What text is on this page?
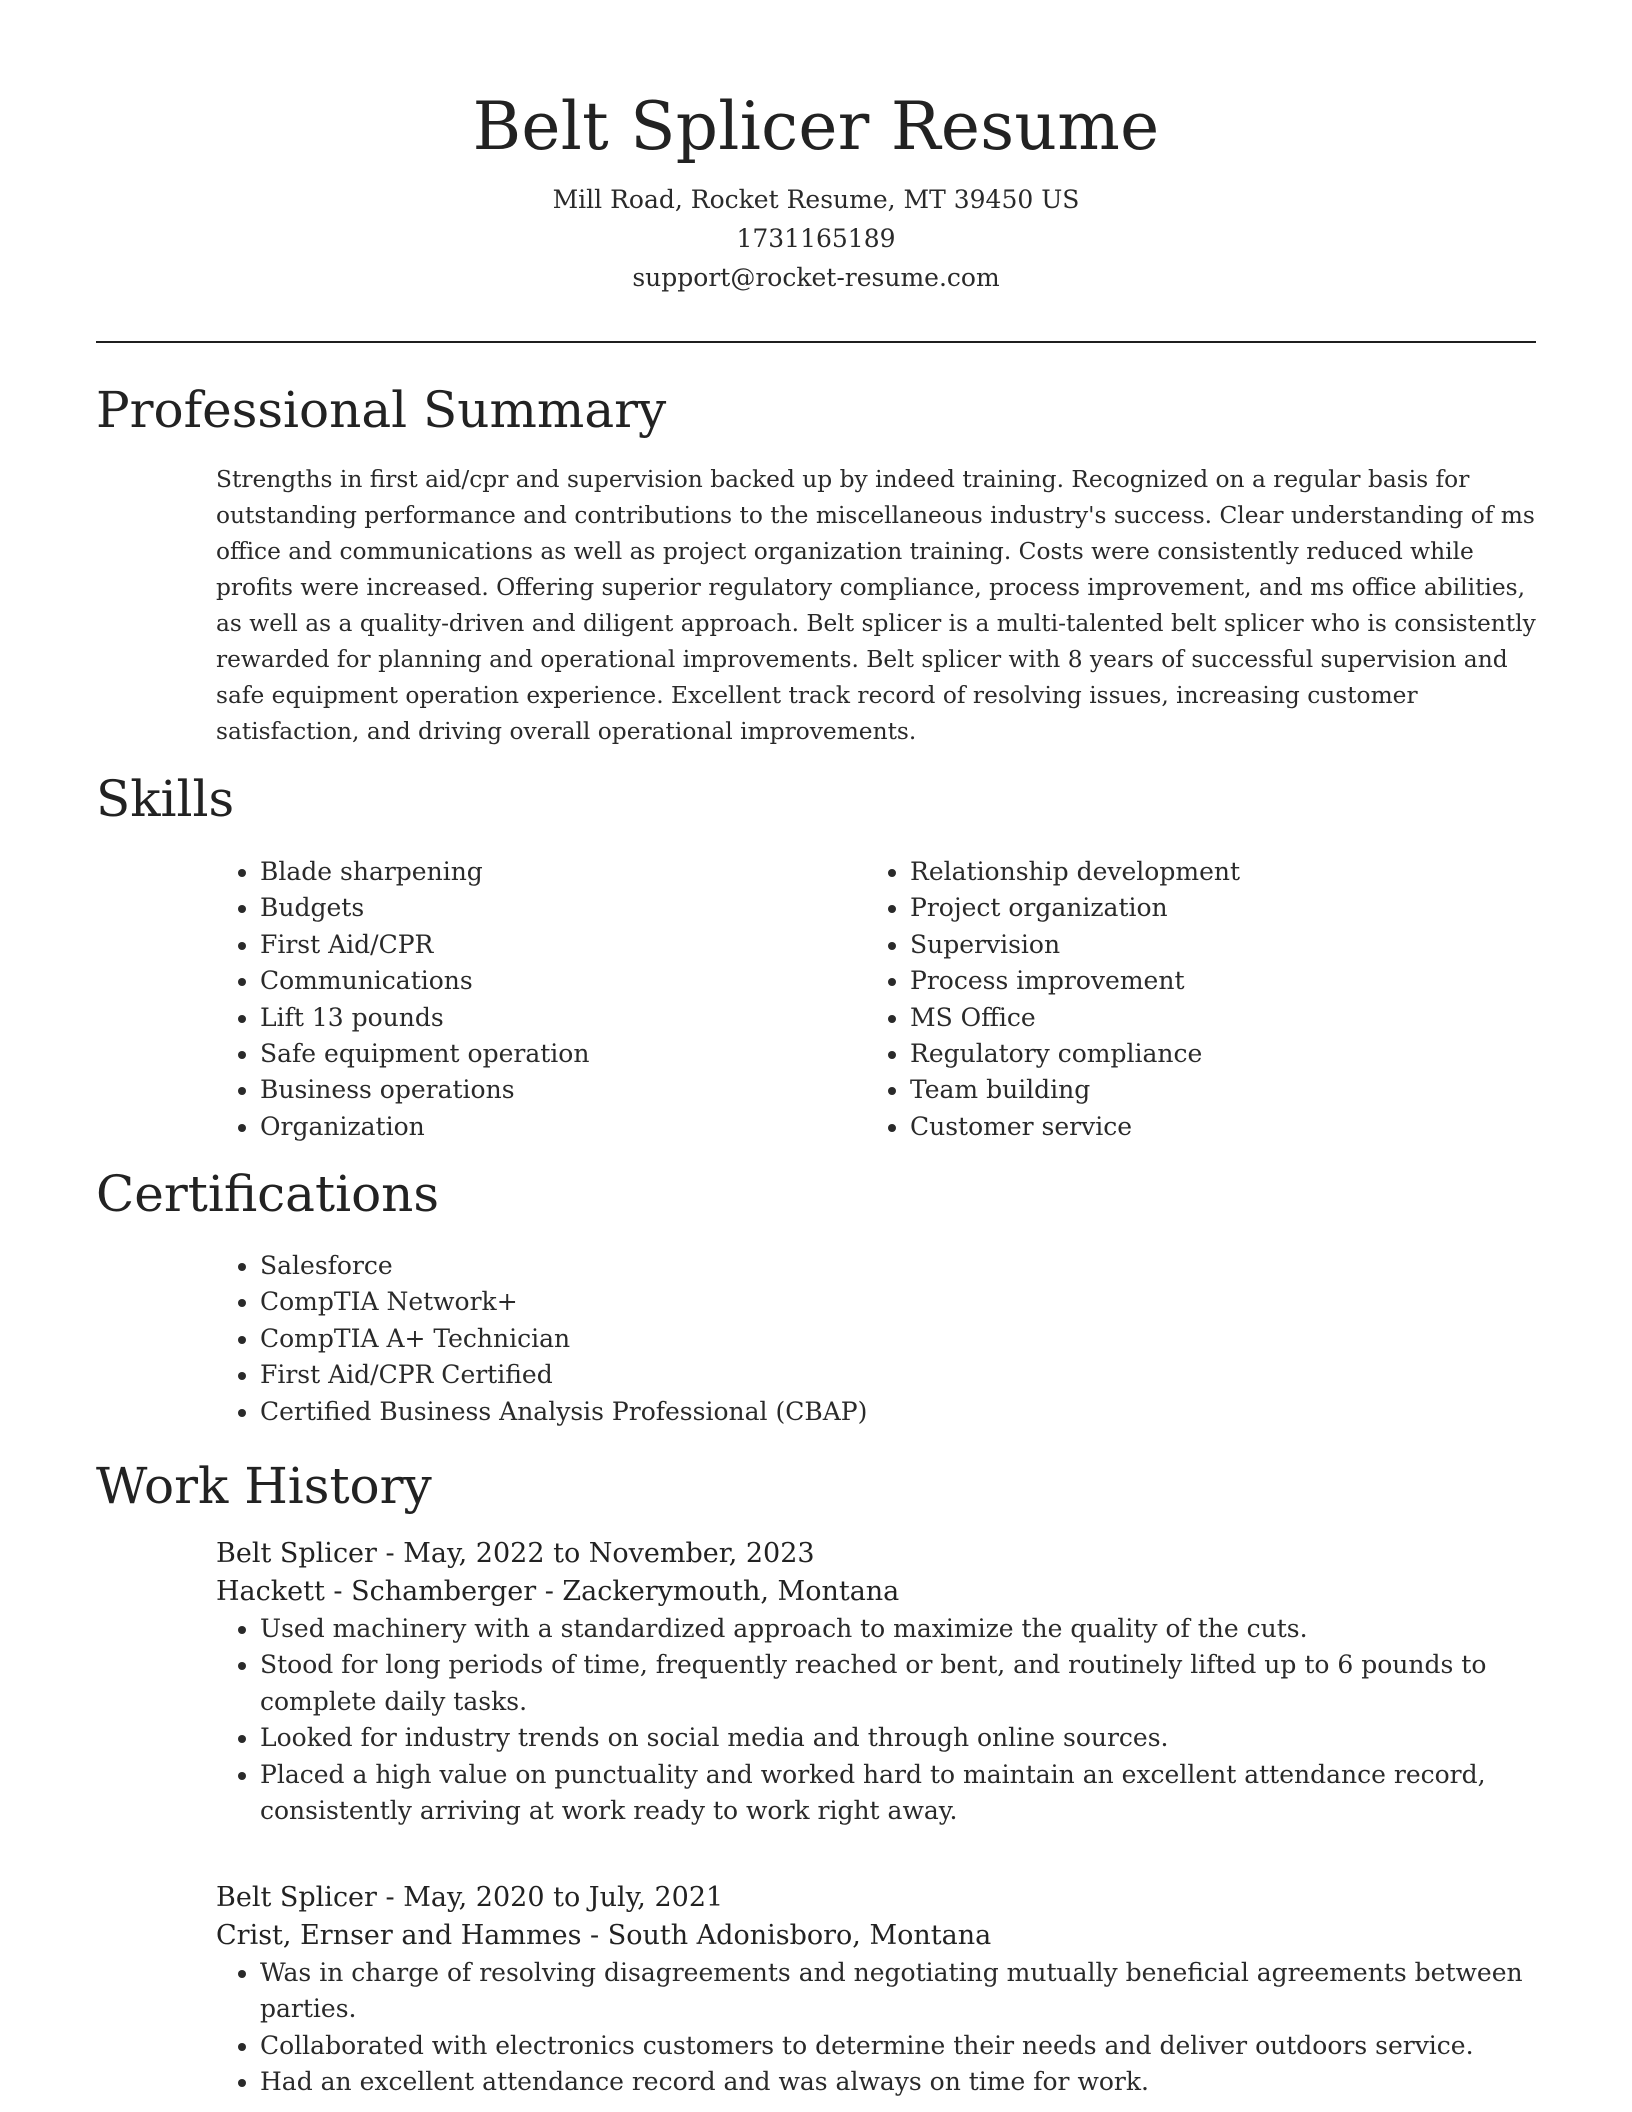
Belt Splicer Resume
Mill Road, Rocket Resume, MT 39450 US
1731165189
support@rocket-resume.com
Professional Summary

Strengths in first aid/cpr and supervision backed up by indeed training. Recognized on a regular basis for outstanding performance and contributions to the miscellaneous industry's success. Clear understanding of ms office and communications as well as project organization training. Costs were consistently reduced while profits were increased. Offering superior regulatory compliance, process improvement, and ms office abilities, as well as a quality-driven and diligent approach. Belt splicer is a multi-talented belt splicer who is consistently rewarded for planning and operational improvements. Belt splicer with 8 years of successful supervision and safe equipment operation experience. Excellent track record of resolving issues, increasing customer satisfaction, and driving overall operational improvements.

Skills
• Blade sharpening
• Budgets
• First Aid/CPR
• Communications
• Lift 13 pounds
• Safe equipment operation
• Business operations
• Organization
• Relationship development
• Project organization
• Supervision
• Process improvement
• MS Office
• Regulatory compliance
• Team building
• Customer service
Certifications
• Salesforce
• CompTIA Network+
• CompTIA A+ Technician
• First Aid/CPR Certified
• Certified Business Analysis Professional (CBAP)
Work History

Belt Splicer - May, 2022 to November, 2023

Hackett - Schamberger - Zackerymouth, Montana

• Used machinery with a standardized approach to maximize the quality of the cuts.
• Stood for long periods of time, frequently reached or bent, and routinely lifted up to 6 pounds to complete daily tasks.
• Looked for industry trends on social media and through online sources.
• Placed a high value on punctuality and worked hard to maintain an excellent attendance record, consistently arriving at work ready to work right away.

Belt Splicer - May, 2020 to July, 2021

Crist, Ernser and Hammes - South Adonisboro, Montana

• Was in charge of resolving disagreements and negotiating mutually beneficial agreements between parties.
• Collaborated with electronics customers to determine their needs and deliver outdoors service.
• Had an excellent attendance record and was always on time for work.
